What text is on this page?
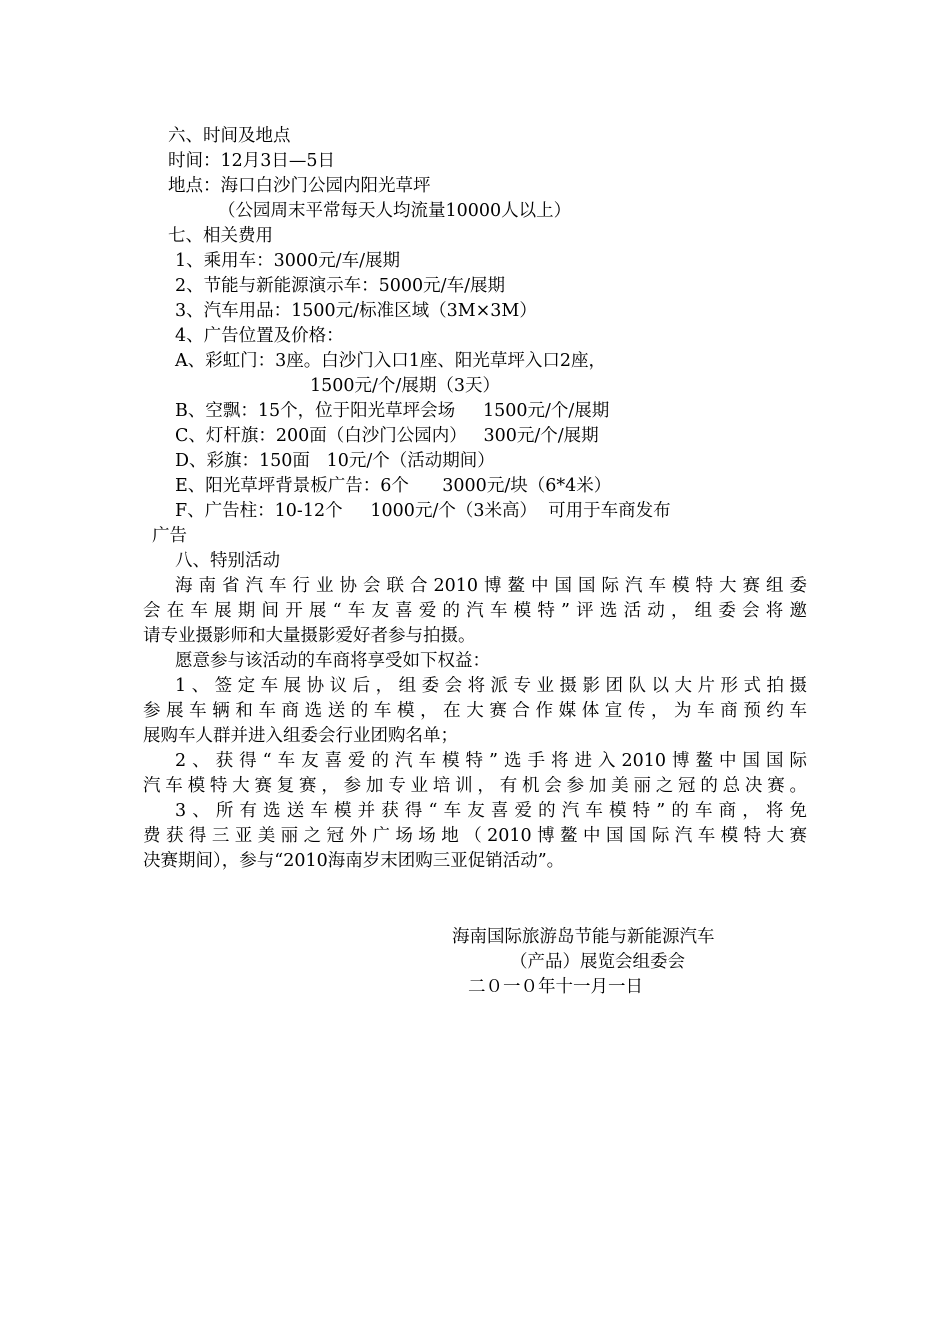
六、时间及地点
时间：12月3日—5日
地点：海口白沙门公园内阳光草坪
（公园周末平常每天人均流量10000人以上）
七、相关费用
1、乘用车：3000元/车/展期
2、节能与新能源演示车：5000元/车/展期
3、汽车用品：1500元/标准区域（3M×3M）
4、广告位置及价格：
A、彩虹门：3座。白沙门入口1座、阳光草坪入口2座，
1500元/个/展期（3天）
B、空飘：15个，位于阳光草坪会场     1500元/个/展期
C、灯杆旗：200面（白沙门公园内）   300元/个/展期
D、彩旗：150面   10元/个（活动期间）
E、阳光草坪背景板广告：6个      3000元/块（6*4米）
F、广告柱：10-12个     1000元/个（3米高）  可用于车商发布
广告
八、特别活动
海南省汽车行业协会联合2010博鳌中国国际汽车模特大赛组委
会在车展期间开展“车友喜爱的汽车模特”评选活动，组委会将邀
请专业摄影师和大量摄影爱好者参与拍摄。
愿意参与该活动的车商将享受如下权益：
1、签定车展协议后，组委会将派专业摄影团队以大片形式拍摄
参展车辆和车商选送的车模，在大赛合作媒体宣传，为车商预约车
展购车人群并进入组委会行业团购名单；
2、获得“车友喜爱的汽车模特”选手将进入2010博鳌中国国际
汽车模特大赛复赛，参加专业培训，有机会参加美丽之冠的总决赛。
3、所有选送车模并获得“车友喜爱的汽车模特”的车商，将免
费获得三亚美丽之冠外广场场地（2010博鳌中国国际汽车模特大赛
决赛期间），参与“2010海南岁末团购三亚促销活动”。
海南国际旅游岛节能与新能源汽车
（产品）展览会组委会
二０一０年十一月一日
